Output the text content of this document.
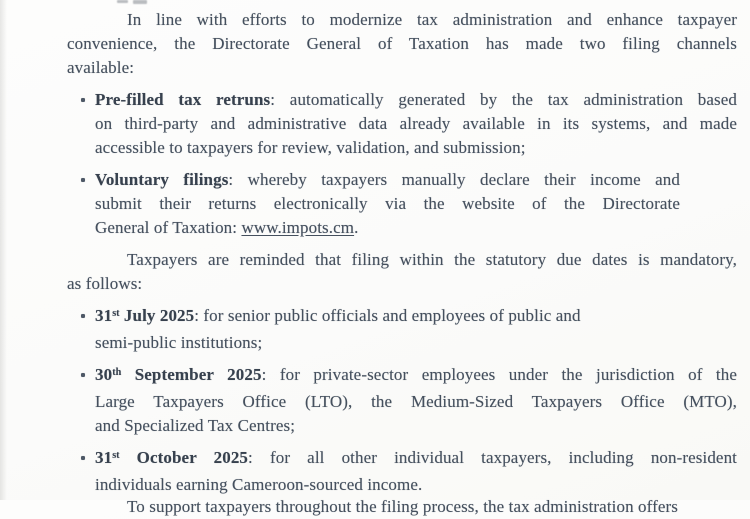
In line with efforts to modernize tax administration and enhance taxpayer
convenience, the Directorate General of Taxation has made two filing channels
available:
Pre-filled tax retruns: automatically generated by the tax administration based
on third-party and administrative data already available in its systems, and made
accessible to taxpayers for review, validation, and submission;
Voluntary filings: whereby taxpayers manually declare their income and
submit their returns electronically via the website of the Directorate
General of Taxation: www.impots.cm.
Taxpayers are reminded that filing within the statutory due dates is mandatory,
as follows:
31st July 2025: for senior public officials and employees of public and
semi-public institutions;
30th September 2025: for private-sector employees under the jurisdiction of the
Large Taxpayers Office (LTO), the Medium-Sized Taxpayers Office (MTO),
and Specialized Tax Centres;
31st October 2025: for all other individual taxpayers, including non-resident
individuals earning Cameroon-sourced income.
To support taxpayers throughout the filing process, the tax administration offers
